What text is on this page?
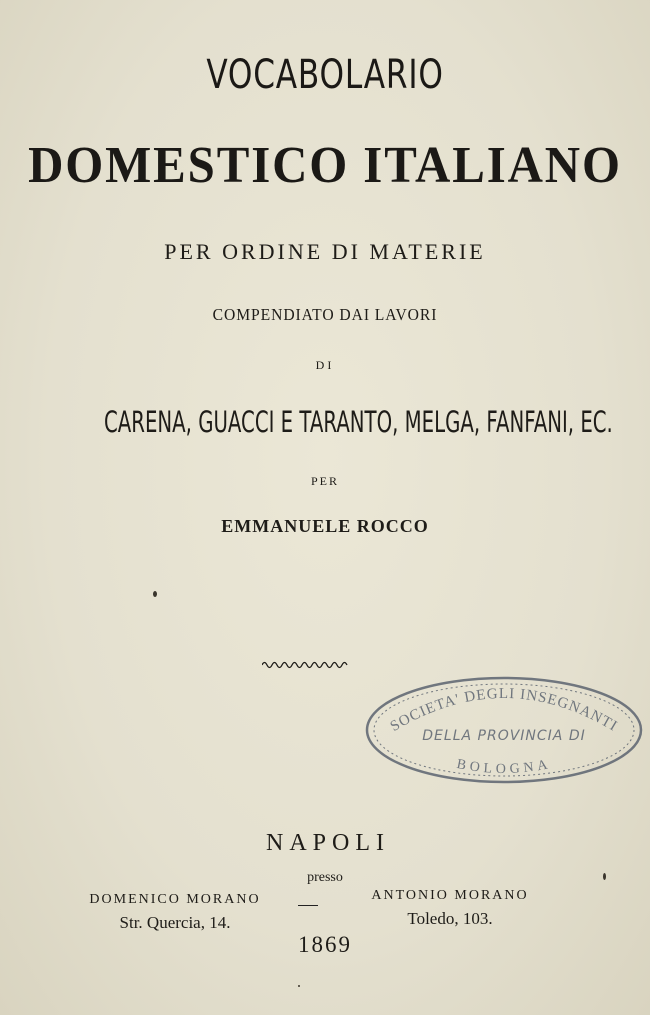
VOCABOLARIO
DOMESTICO ITALIANO
PER ORDINE DI MATERIE
COMPENDIATO DAI LAVORI
DI
CARENA, GUACCI E TARANTO, MELGA, FANFANI, EC.
PER
EMMANUELE ROCCO
SOCIETA' DEGLI INSEGNANTI
DELLA PROVINCIA DI
BOLOGNA
NAPOLI
presso
DOMENICO MORANO
Str. Quercia, 14.
ANTONIO MORANO
Toledo, 103.
1869
